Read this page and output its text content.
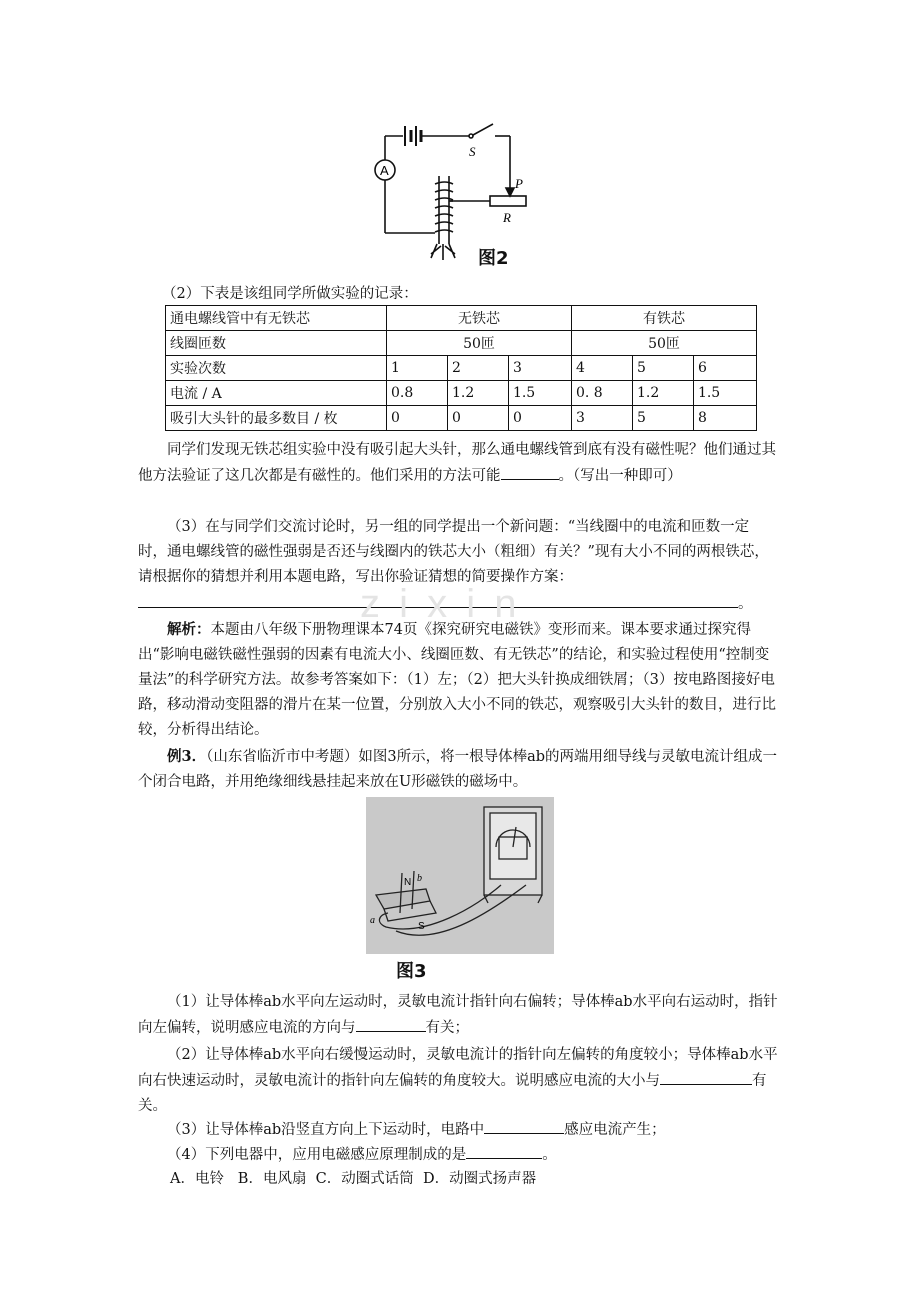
A
S
P
R
图2
（2）下表是该组同学所做实验的记录：
通电螺线管中有无铁芯	无铁芯			有铁芯		
线圈匝数	50匝			50匝		
实验次数	1	2	3	4	5	6
电流 / A	0.8	1.2	1.5	0. 8	1.2	1.5
吸引大头针的最多数目 / 枚	0	0	0	3	5	8
同学们发现无铁芯组实验中没有吸引起大头针，那么通电螺线管到底有没有磁性呢？他们通过其他方法验证了这几次都是有磁性的。他们采用的方法可能	。（写出一种即可）
（3）在与同学们交流讨论时，另一组的同学提出一个新问题：“当线圈中的电流和匝数一定时，通电螺线管的磁性强弱是否还与线圈内的铁芯大小（粗细）有关？”现有大小不同的两根铁芯，请根据你的猜想并利用本题电路，写出你验证猜想的简要操作方案：
。
z i x i n
解析：本题由八年级下册物理课本74页《探究研究电磁铁》变形而来。课本要求通过探究得出“影响电磁铁磁性强弱的因素有电流大小、线圈匝数、有无铁芯”的结论，和实验过程使用“控制变量法”的科学研究方法。故参考答案如下：（1）左；（2）把大头针换成细铁屑；（3）按电路图接好电路，移动滑动变阻器的滑片在某一位置，分别放入大小不同的铁芯，观察吸引大头针的数目，进行比较，分析得出结论。
例3．（山东省临沂市中考题）如图3所示，将一根导体棒ab的两端用细导线与灵敏电流计组成一个闭合电路，并用绝缘细线悬挂起来放在U形磁铁的磁场中。
N b
a
S
图3
（1）让导体棒ab水平向左运动时，灵敏电流计指针向右偏转；导体棒ab水平向右运动时，指针向左偏转，说明感应电流的方向与	有关；
（2）让导体棒ab水平向右缓慢运动时，灵敏电流计的指针向左偏转的角度较小；导体棒ab水平向右快速运动时，灵敏电流计的指针向左偏转的角度较大。说明感应电流的大小与	有关。
（3）让导体棒ab沿竖直方向上下运动时，电路中	感应电流产生；
（4）下列电器中，应用电磁感应原理制成的是	。
A．电铃   B．电风扇  C．动圈式话筒  D．动圈式扬声器
